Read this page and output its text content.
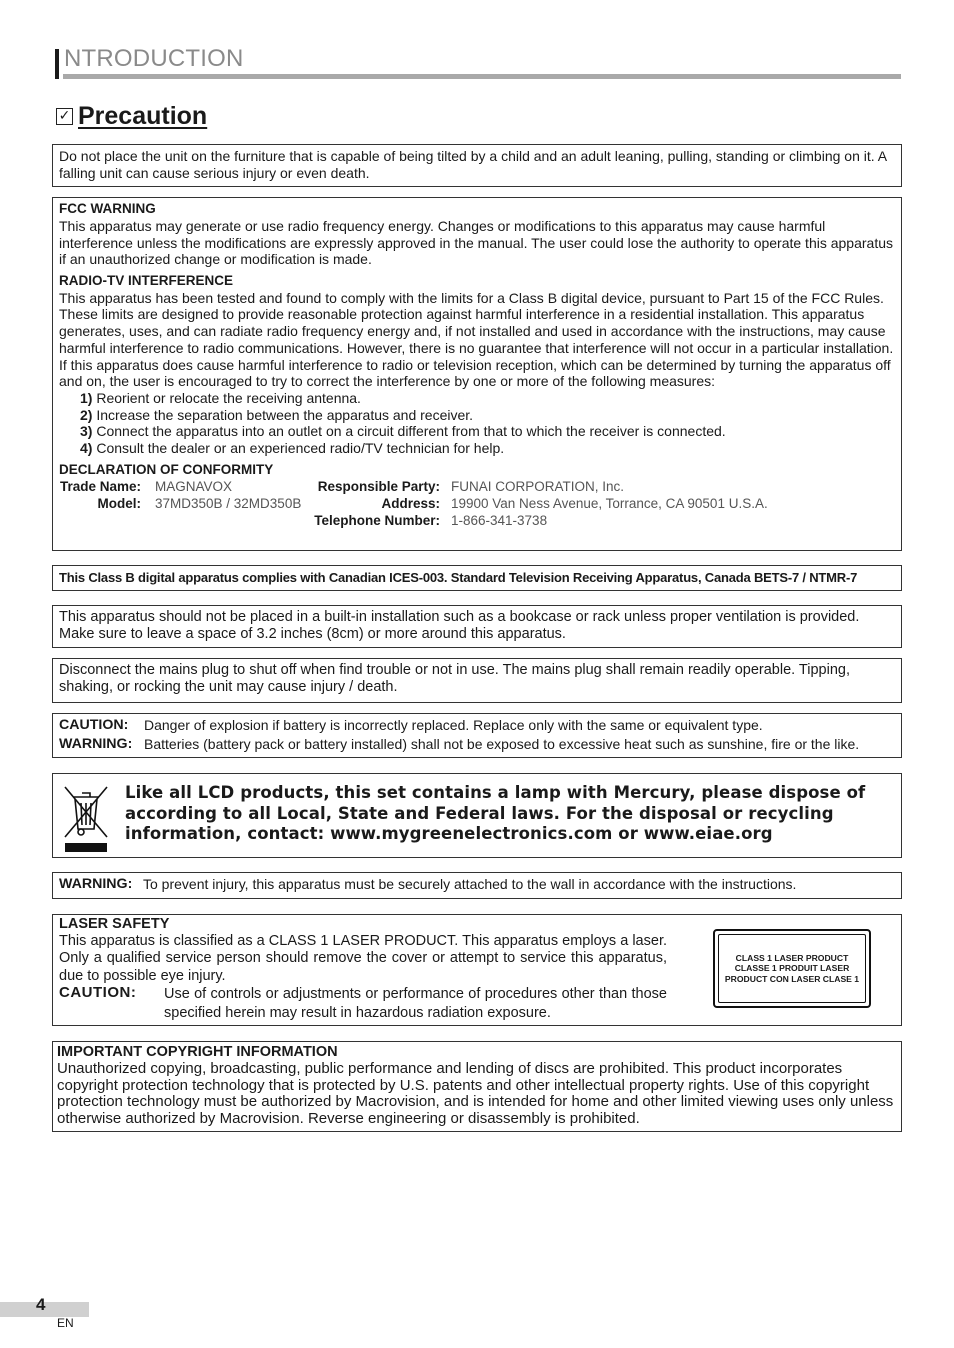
NTRODUCTION
✓ Precaution
Do not place the unit on the furniture that is capable of being tilted by a child and an adult leaning, pulling, standing or climbing on it. A falling unit can cause serious injury or even death.
FCC WARNING
This apparatus may generate or use radio frequency energy. Changes or modifications to this apparatus may cause harmful interference unless the modifications are expressly approved in the manual. The user could lose the authority to operate this apparatus if an unauthorized change or modification is made.
RADIO-TV INTERFERENCE
This apparatus has been tested and found to comply with the limits for a Class B digital device, pursuant to Part 15 of the FCC Rules. These limits are designed to provide reasonable protection against harmful interference in a residential installation. This apparatus generates, uses, and can radiate radio frequency energy and, if not installed and used in accordance with the instructions, may cause harmful interference to radio communications. However, there is no guarantee that interference will not occur in a particular installation. If this apparatus does cause harmful interference to radio or television reception, which can be determined by turning the apparatus off and on, the user is encouraged to try to correct the interference by one or more of the following measures:
1) Reorient or relocate the receiving antenna.
2) Increase the separation between the apparatus and receiver.
3) Connect the apparatus into an outlet on a circuit different from that to which the receiver is connected.
4) Consult the dealer or an experienced radio/TV technician for help.
DECLARATION OF CONFORMITY
Trade Name: MAGNAVOX
Model: 37MD350B / 32MD350B
Responsible Party: FUNAI CORPORATION, Inc.
Address: 19900 Van Ness Avenue, Torrance, CA 90501 U.S.A.
Telephone Number: 1-866-341-3738
This Class B digital apparatus complies with Canadian ICES-003. Standard Television Receiving Apparatus, Canada BETS-7 / NTMR-7
This apparatus should not be placed in a built-in installation such as a bookcase or rack unless proper ventilation is provided. Make sure to leave a space of 3.2 inches (8cm) or more around this apparatus.
Disconnect the mains plug to shut off when find trouble or not in use. The mains plug shall remain readily operable. Tipping, shaking, or rocking the unit may cause injury / death.
CAUTION:	Danger of explosion if battery is incorrectly replaced. Replace only with the same or equivalent type.
WARNING: Batteries (battery pack or battery installed) shall not be exposed to excessive heat such as sunshine, fire or the like.
Like all LCD products, this set contains a lamp with Mercury, please dispose of according to all Local, State and Federal laws. For the disposal or recycling information, contact: www.mygreenelectronics.com or www.eiae.org
WARNING: To prevent injury, this apparatus must be securely attached to the wall in accordance with the instructions.
LASER SAFETY
This apparatus is classified as a CLASS 1 LASER PRODUCT. This apparatus employs a laser. Only a qualified service person should remove the cover or attempt to service this apparatus, due to possible eye injury.
CAUTION:	Use of controls or adjustments or performance of procedures other than those specified herein may result in hazardous radiation exposure.
CLASS 1 LASER PRODUCT
CLASSE 1 PRODUIT LASER
PRODUCT CON LASER CLASE 1
IMPORTANT COPYRIGHT INFORMATION
Unauthorized copying, broadcasting, public performance and lending of discs are prohibited. This product incorporates copyright protection technology that is protected by U.S. patents and other intellectual property rights. Use of this copyright protection technology must be authorized by Macrovision, and is intended for home and other limited viewing uses only unless otherwise authorized by Macrovision. Reverse engineering or disassembly is prohibited.
4
EN
